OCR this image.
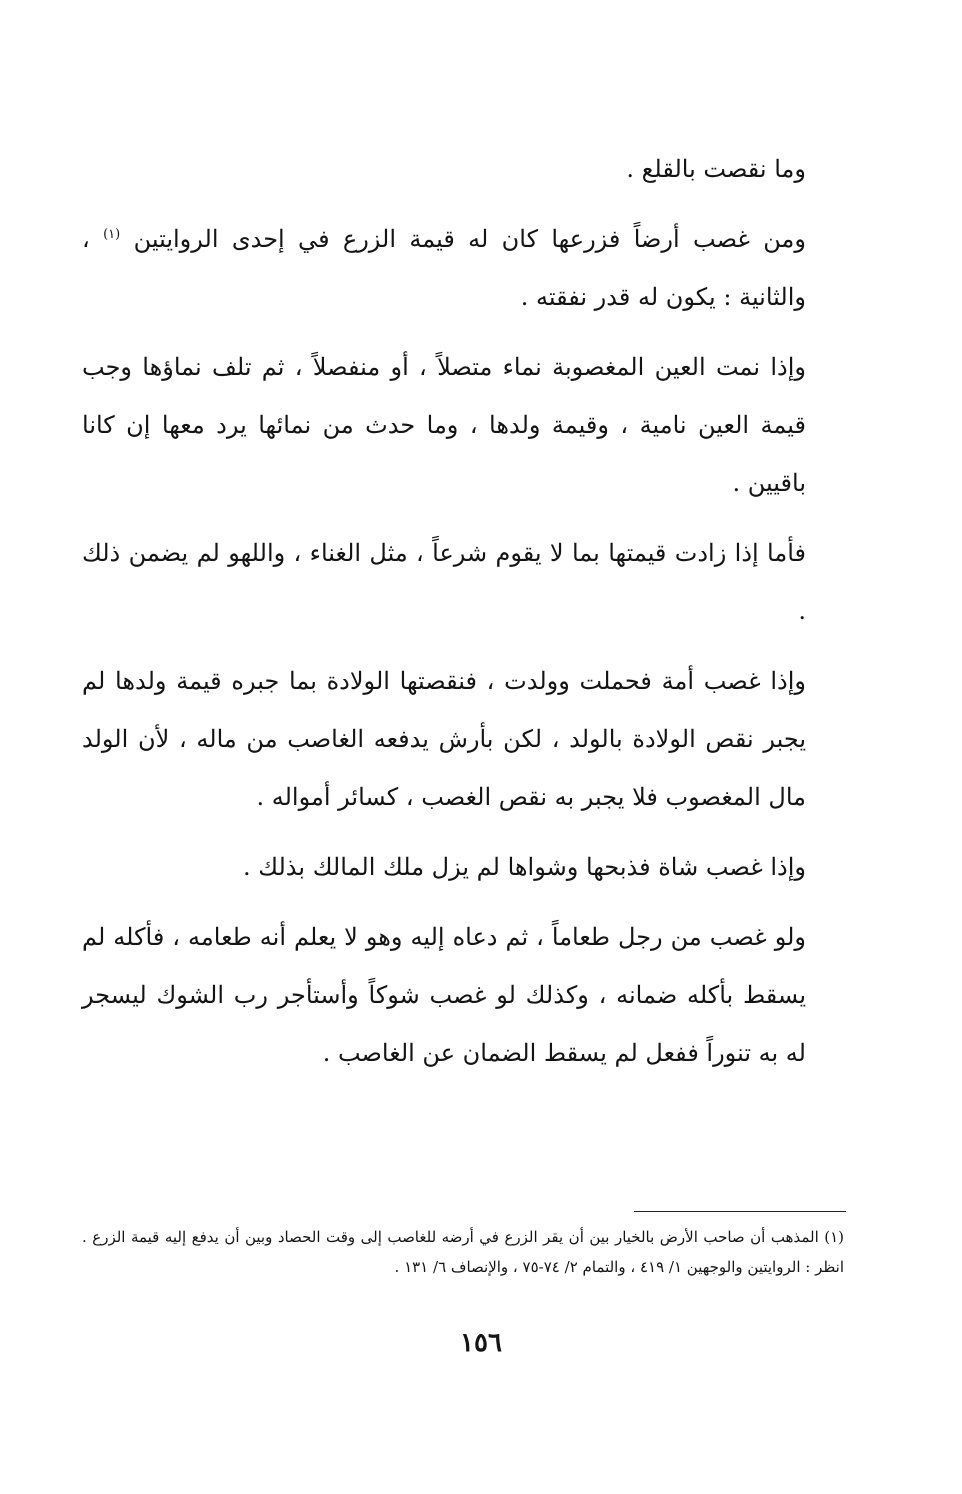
وما نقصت بالقلع .

ومن غصب أرضاً فزرعها كان له قيمة الزرع في إحدى الروايتين $^{(١)}$ ، والثانية : يكون له قدر نفقته .

وإذا نمت العين المغصوبة نماء متصلاً ، أو منفصلاً ، ثم تلف نماؤها وجب قيمة العين نامية ، وقيمة ولدها ، وما حدث من نمائها يرد معها إن كانا باقيين .

فأما إذا زادت قيمتها بما لا يقوم شرعاً ، مثل الغناء ، واللهو لم يضمن ذلك .

وإذا غصب أمة فحملت وولدت ، فنقصتها الولادة بما جبره قيمة ولدها لم يجبر نقص الولادة بالولد ، لكن بأرش يدفعه الغاصب من ماله ، لأن الولد مال المغصوب فلا يجبر به نقص الغصب ، كسائر أمواله .

وإذا غصب شاة فذبحها وشواها لم يزل ملك المالك بذلك .

ولو غصب من رجل طعاماً ، ثم دعاه إليه وهو لا يعلم أنه طعامه ، فأكله لم يسقط بأكله ضمانه ، وكذلك لو غصب شوكاً وأستأجر رب الشوك ليسجر له به تنوراً ففعل لم يسقط الضمان عن الغاصب .

(١) المذهب أن صاحب الأرض بالخيار بين أن يقر الزرع في أرضه للغاصب إلى وقت الحصاد وبين أن يدفع إليه قيمة الزرع . انظر : الروايتين والوجهين ١/ ٤١٩ ، والتمام ٢/ ٧٤-٧٥ ، والإنصاف ٦/ ١٣١ .
١٥٦
